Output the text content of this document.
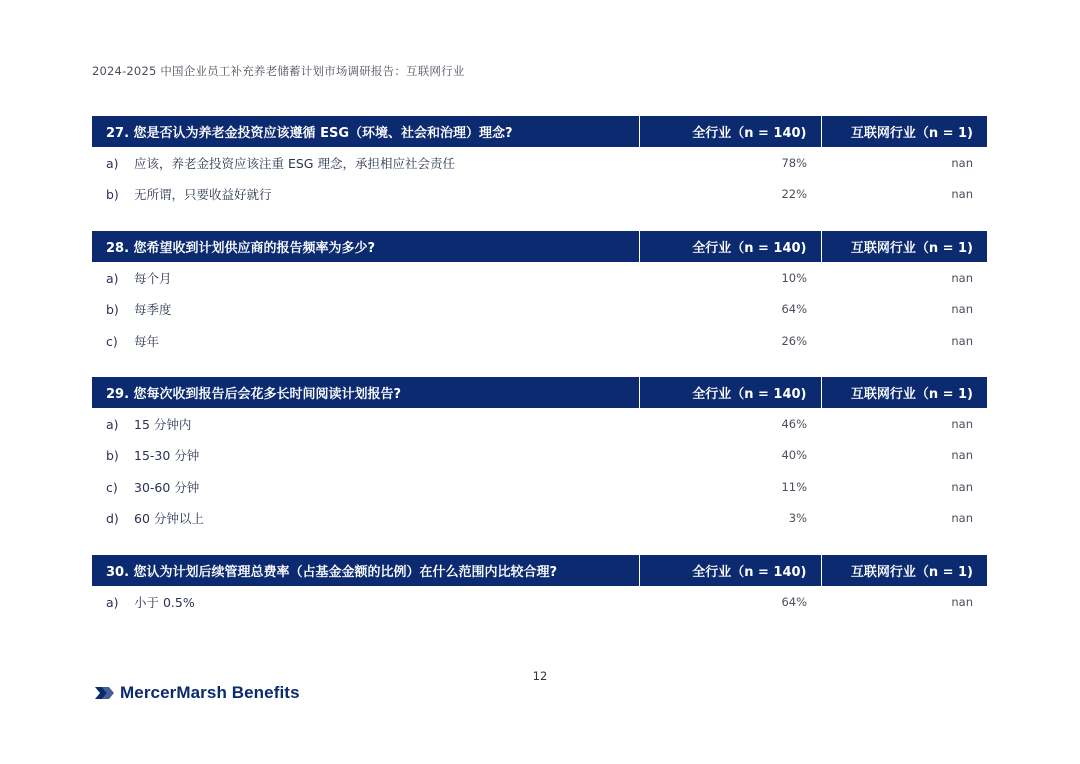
2024-2025 中国企业员工补充养老储蓄计划市场调研报告：互联网行业
27. 您是否认为养老金投资应该遵循 ESG（环境、社会和治理）理念?	全行业（n = 140)	互联网行业（n = 1)
a) 应该，养老金投资应该注重 ESG 理念，承担相应社会责任	78%	nan
b) 无所谓，只要收益好就行	22%	nan
28. 您希望收到计划供应商的报告频率为多少?	全行业（n = 140)	互联网行业（n = 1)
a) 每个月	10%	nan
b) 每季度	64%	nan
c) 每年	26%	nan
29. 您每次收到报告后会花多长时间阅读计划报告?	全行业（n = 140)	互联网行业（n = 1)
a) 15 分钟内	46%	nan
b) 15-30 分钟	40%	nan
c) 30-60 分钟	11%	nan
d) 60 分钟以上	3%	nan
30. 您认为计划后续管理总费率（占基金金额的比例）在什么范围内比较合理?	全行业（n = 140)	互联网行业（n = 1)
a) 小于 0.5%	64%	nan
12
MercerMarsh Benefits
